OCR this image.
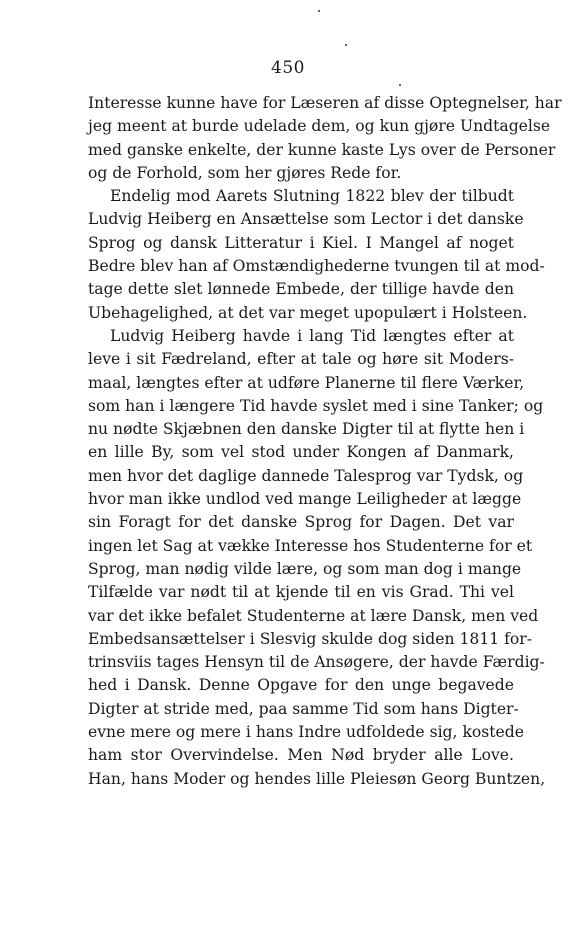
450
Interesse kunne have for Læseren af disse Optegnelser, har
jeg meent at burde udelade dem, og kun gjøre Undtagelse
med ganske enkelte, der kunne kaste Lys over de Personer
og de Forhold, som her gjøres Rede for.
Endelig mod Aarets Slutning 1822 blev der tilbudt
Ludvig Heiberg en Ansættelse som Lector i det danske
Sprog og dansk Litteratur i Kiel. I Mangel af noget
Bedre blev han af Omstændighederne tvungen til at mod-
tage dette slet lønnede Embede, der tillige havde den
Ubehagelighed, at det var meget upopulært i Holsteen.
Ludvig Heiberg havde i lang Tid længtes efter at
leve i sit Fædreland, efter at tale og høre sit Moders-
maal, længtes efter at udføre Planerne til flere Værker,
som han i længere Tid havde syslet med i sine Tanker; og
nu nødte Skjæbnen den danske Digter til at flytte hen i
en lille By, som vel stod under Kongen af Danmark,
men hvor det daglige dannede Talesprog var Tydsk, og
hvor man ikke undlod ved mange Leiligheder at lægge
sin Foragt for det danske Sprog for Dagen. Det var
ingen let Sag at vække Interesse hos Studenterne for et
Sprog, man nødig vilde lære, og som man dog i mange
Tilfælde var nødt til at kjende til en vis Grad. Thi vel
var det ikke befalet Studenterne at lære Dansk, men ved
Embedsansættelser i Slesvig skulde dog siden 1811 for-
trinsviis tages Hensyn til de Ansøgere, der havde Færdig-
hed i Dansk. Denne Opgave for den unge begavede
Digter at stride med, paa samme Tid som hans Digter-
evne mere og mere i hans Indre udfoldede sig, kostede
ham stor Overvindelse. Men Nød bryder alle Love.
Han, hans Moder og hendes lille Pleiesøn Georg Buntzen,
